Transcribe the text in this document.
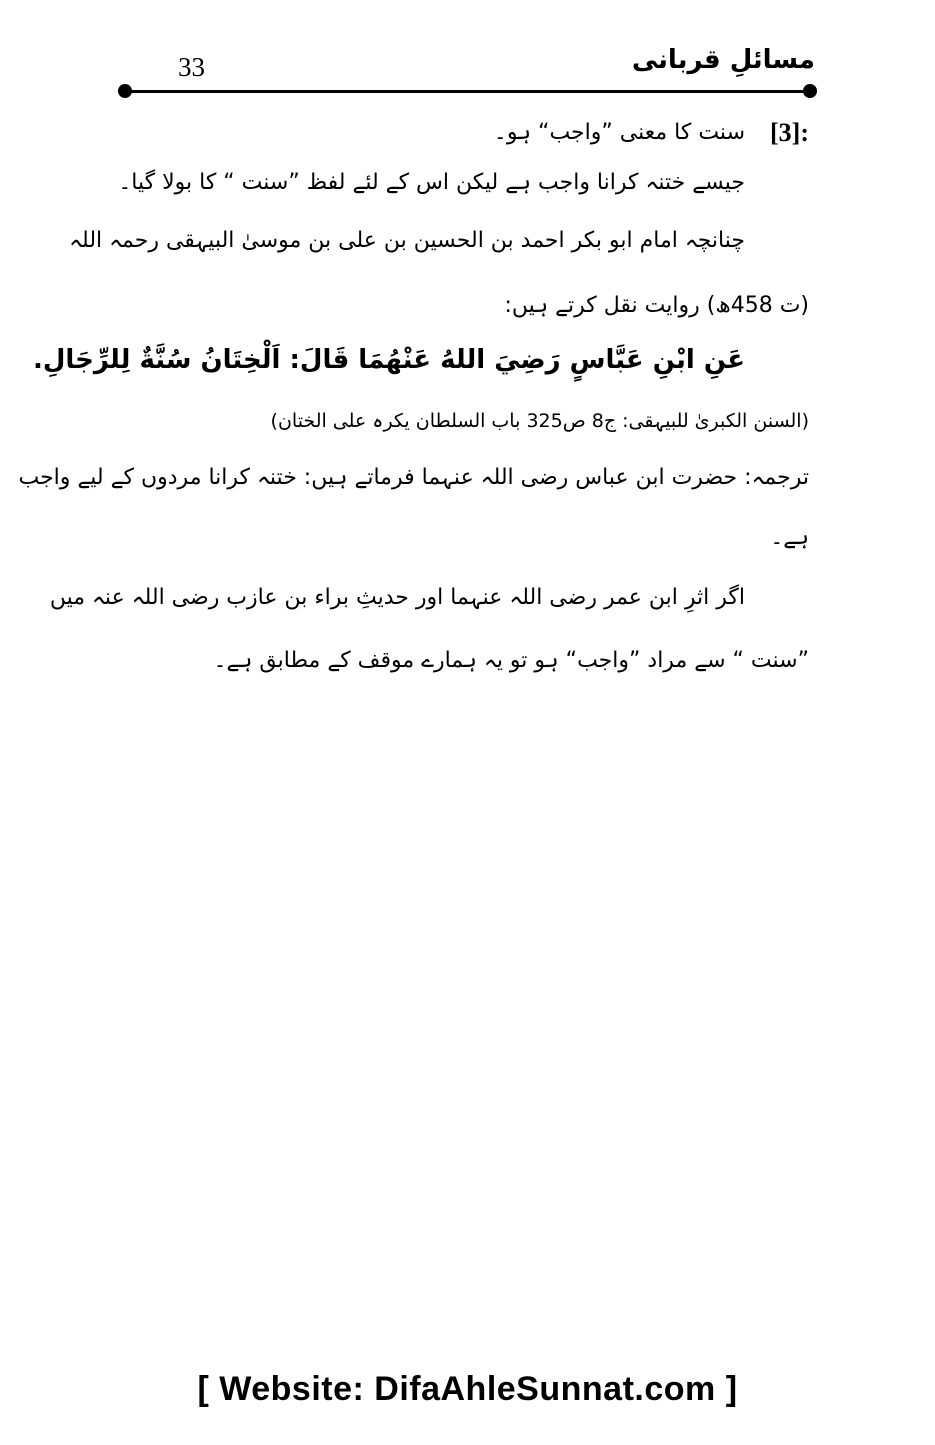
33	مسائلِ قربانی
[3]:
سنت کا معنی ”واجب“ ہو۔
جیسے ختنہ کرانا واجب ہے لیکن اس کے لئے لفظ ”سنت “ کا بولا گیا۔
چنانچہ امام ابو بکر احمد بن الحسین بن علی بن موسیٰ البیہقی رحمہ اللہ
(ت 458ھ) روایت نقل کرتے ہیں:
عَنِ ابْنِ عَبَّاسٍ رَضِيَ اللهُ عَنْهُمَا قَالَ: اَلْخِتَانُ سُنَّةٌ لِلرِّجَالِ.
(السنن الکبریٰ للبیہقی: ج8 ص325 باب السلطان یکرہ علی الختان)
ترجمہ: حضرت ابن عباس رضی اللہ عنہما فرماتے ہیں: ختنہ کرانا مردوں کے لیے واجب
ہے۔
اگر اثرِ ابن عمر رضی اللہ عنہما اور حدیثِ براء بن عازب رضی اللہ عنہ میں
”سنت “ سے مراد ”واجب“ ہو تو یہ ہمارے موقف کے مطابق ہے۔
[ Website: DifaAhleSunnat.com ]
